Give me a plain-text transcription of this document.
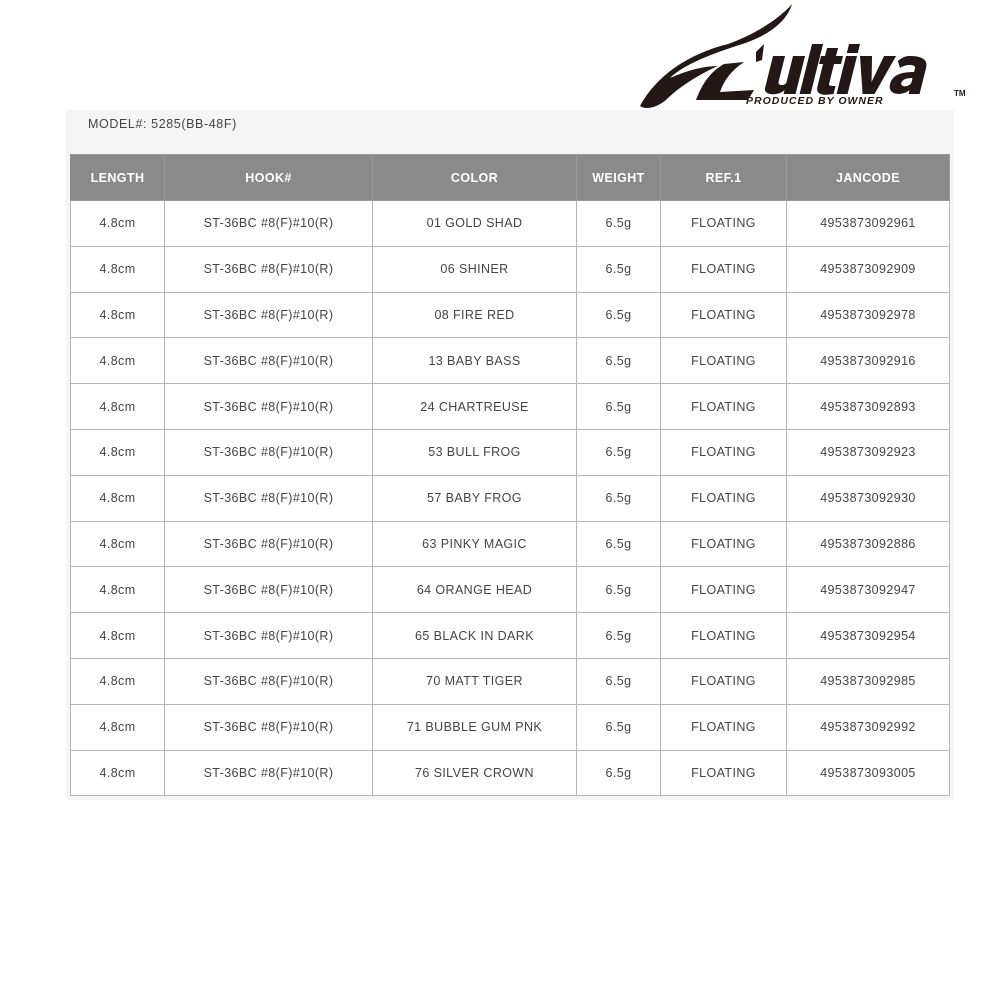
TM
PRODUCED BY OWNER
MODEL#: 5285(BB-48F)
LENGTH	HOOK#	COLOR	WEIGHT	REF.1	JANCODE
4.8cm	ST-36BC #8(F)#10(R)	01 GOLD SHAD	6.5g	FLOATING	4953873092961
4.8cm	ST-36BC #8(F)#10(R)	06 SHINER	6.5g	FLOATING	4953873092909
4.8cm	ST-36BC #8(F)#10(R)	08 FIRE RED	6.5g	FLOATING	4953873092978
4.8cm	ST-36BC #8(F)#10(R)	13 BABY BASS	6.5g	FLOATING	4953873092916
4.8cm	ST-36BC #8(F)#10(R)	24 CHARTREUSE	6.5g	FLOATING	4953873092893
4.8cm	ST-36BC #8(F)#10(R)	53 BULL FROG	6.5g	FLOATING	4953873092923
4.8cm	ST-36BC #8(F)#10(R)	57 BABY FROG	6.5g	FLOATING	4953873092930
4.8cm	ST-36BC #8(F)#10(R)	63 PINKY MAGIC	6.5g	FLOATING	4953873092886
4.8cm	ST-36BC #8(F)#10(R)	64 ORANGE HEAD	6.5g	FLOATING	4953873092947
4.8cm	ST-36BC #8(F)#10(R)	65 BLACK IN DARK	6.5g	FLOATING	4953873092954
4.8cm	ST-36BC #8(F)#10(R)	70 MATT TIGER	6.5g	FLOATING	4953873092985
4.8cm	ST-36BC #8(F)#10(R)	71 BUBBLE GUM PNK	6.5g	FLOATING	4953873092992
4.8cm	ST-36BC #8(F)#10(R)	76 SILVER CROWN	6.5g	FLOATING	4953873093005
